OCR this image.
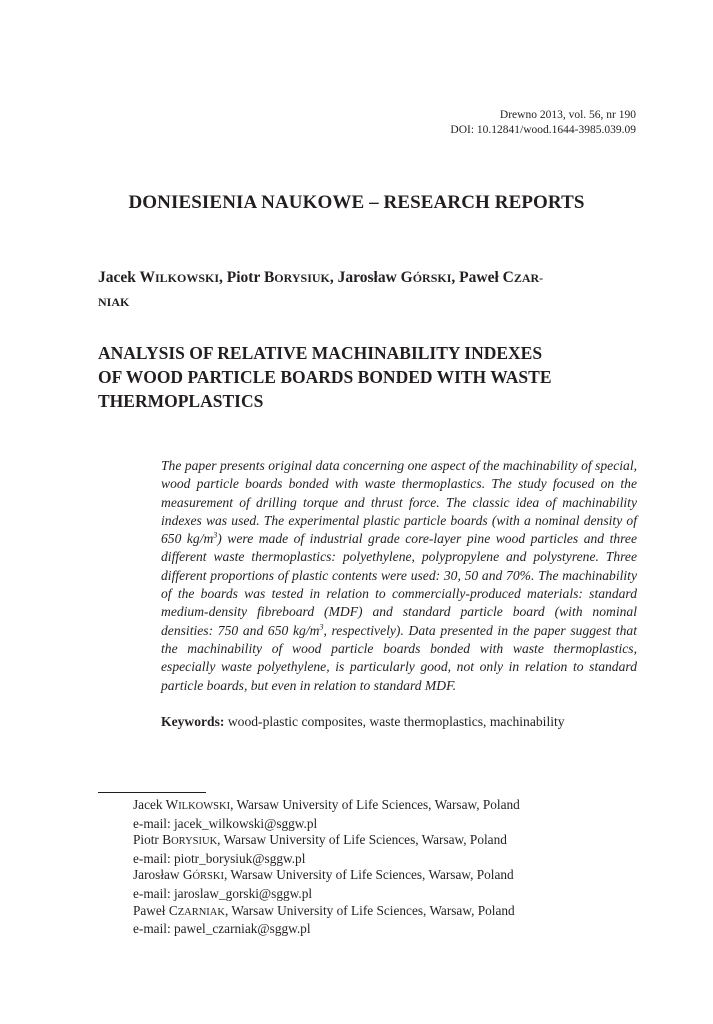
Drewno 2013, vol. 56, nr 190
DOI: 10.12841/wood.1644-3985.039.09
DONIESIENIA NAUKOWE – RESEARCH REPORTS
Jacek WILKOWSKI, Piotr BORYSIUK, Jarosław GÓRSKI, Paweł CZAR-
NIAK
ANALYSIS OF RELATIVE MACHINABILITY INDEXES
OF WOOD PARTICLE BOARDS BONDED WITH WASTE
THERMOPLASTICS

The paper presents original data concerning one aspect of the machinability of special, wood particle boards bonded with waste thermoplastics. The study focused on the measurement of drilling torque and thrust force. The classic idea of machinability indexes was used. The experimental plastic particle boards (with a nominal density of 650 $kg/m^3$) were made of industrial grade core-layer pine wood particles and three different waste thermoplastics: polyethylene, polypropylene and polystyrene. Three different proportions of plastic contents were used: 30, 50 and 70%. The machinability of the boards was tested in relation to commercially-produced materials: standard medium-density fibreboard (MDF) and standard particle board (with nominal densities: 750 and 650 $kg/m^3$, respectively). Data presented in the paper suggest that the machinability of wood particle boards bonded with waste thermoplastics, especially waste polyethylene, is particularly good, not only in relation to standard particle boards, but even in relation to standard MDF.

Keywords: wood-plastic composites, waste thermoplastics, machinability
Jacek WILKOWSKI, Warsaw University of Life Sciences, Warsaw, Poland
e-mail: jacek_wilkowski@sggw.pl
Piotr BORYSIUK, Warsaw University of Life Sciences, Warsaw, Poland
e-mail: piotr_borysiuk@sggw.pl
Jarosław GÓRSKI, Warsaw University of Life Sciences, Warsaw, Poland
e-mail: jaroslaw_gorski@sggw.pl
Paweł CZARNIAK, Warsaw University of Life Sciences, Warsaw, Poland
e-mail: pawel_czarniak@sggw.pl
